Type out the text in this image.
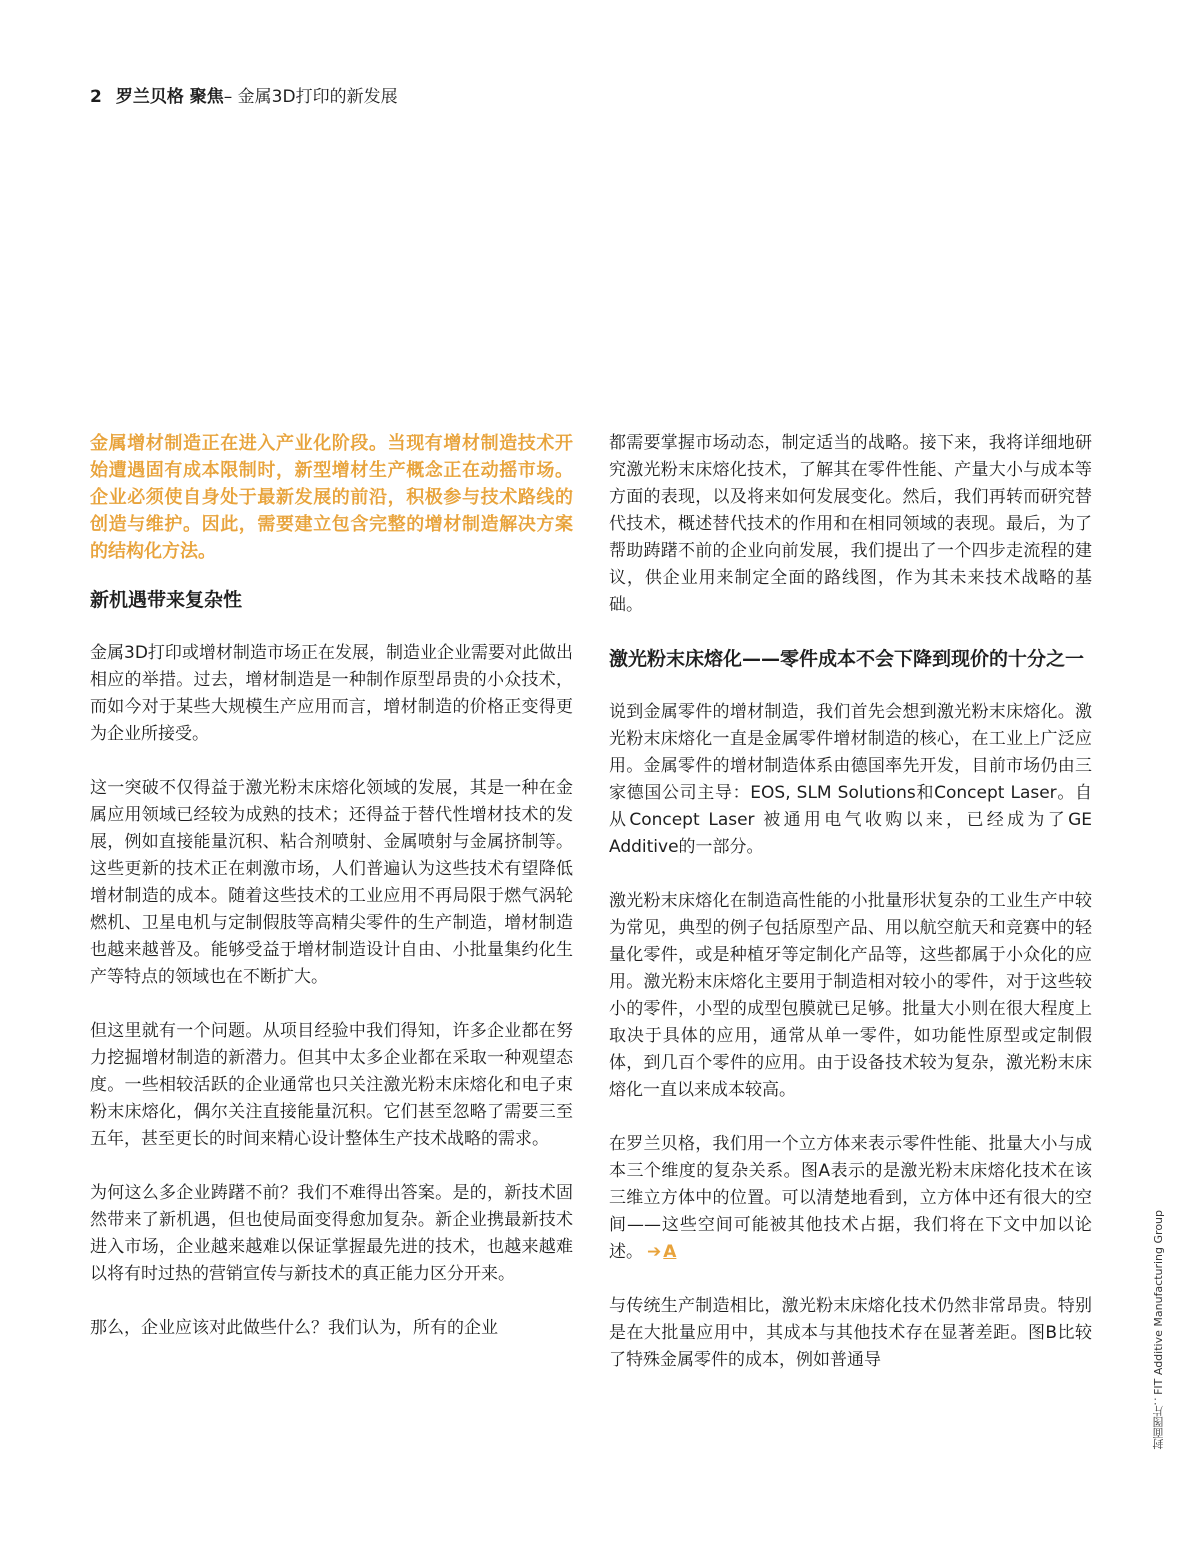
2 罗兰贝格 聚焦– 金属3D打印的新发展

金属增材制造正在进入产业化阶段。当现有增材制造技术开始遭遇固有成本限制时，新型增材生产概念正在动摇市场。企业必须使自身处于最新发展的前沿，积极参与技术路线的创造与维护。因此，需要建立包含完整的增材制造解决方案的结构化方法。

新机遇带来复杂性

金属3D打印或增材制造市场正在发展，制造业企业需要对此做出相应的举措。过去，增材制造是一种制作原型昂贵的小众技术，而如今对于某些大规模生产应用而言，增材制造的价格正变得更为企业所接受。

这一突破不仅得益于激光粉末床熔化领域的发展，其是一种在金属应用领域已经较为成熟的技术；还得益于替代性增材技术的发展，例如直接能量沉积、粘合剂喷射、金属喷射与金属挤制等。这些更新的技术正在刺激市场，人们普遍认为这些技术有望降低增材制造的成本。随着这些技术的工业应用不再局限于燃气涡轮燃机、卫星电机与定制假肢等高精尖零件的生产制造，增材制造也越来越普及。能够受益于增材制造设计自由、小批量集约化生产等特点的领域也在不断扩大。

但这里就有一个问题。从项目经验中我们得知，许多企业都在努力挖掘增材制造的新潜力。但其中太多企业都在采取一种观望态度。一些相较活跃的企业通常也只关注激光粉末床熔化和电子束粉末床熔化，偶尔关注直接能量沉积。它们甚至忽略了需要三至五年，甚至更长的时间来精心设计整体生产技术战略的需求。

为何这么多企业踌躇不前？我们不难得出答案。是的，新技术固然带来了新机遇，但也使局面变得愈加复杂。新企业携最新技术进入市场，企业越来越难以保证掌握最先进的技术，也越来越难以将有时过热的营销宣传与新技术的真正能力区分开来。

那么，企业应该对此做些什么？我们认为，所有的企业

都需要掌握市场动态，制定适当的战略。接下来，我将详细地研究激光粉末床熔化技术，了解其在零件性能、产量大小与成本等方面的表现，以及将来如何发展变化。然后，我们再转而研究替代技术，概述替代技术的作用和在相同领域的表现。最后，为了帮助踌躇不前的企业向前发展，我们提出了一个四步走流程的建议，供企业用来制定全面的路线图，作为其未来技术战略的基础。

激光粉末床熔化——零件成本不会下降到现价的十分之一

说到金属零件的增材制造，我们首先会想到激光粉末床熔化。激光粉末床熔化一直是金属零件增材制造的核心，在工业上广泛应用。金属零件的增材制造体系由德国率先开发，目前市场仍由三家德国公司主导：EOS, SLM Solutions和Concept Laser。自从Concept Laser 被通用电气收购以来，已经成为了GE Additive的一部分。

激光粉末床熔化在制造高性能的小批量形状复杂的工业生产中较为常见，典型的例子包括原型产品、用以航空航天和竞赛中的轻量化零件，或是种植牙等定制化产品等，这些都属于小众化的应用。激光粉末床熔化主要用于制造相对较小的零件，对于这些较小的零件，小型的成型包膜就已足够。批量大小则在很大程度上取决于具体的应用，通常从单一零件，如功能性原型或定制假体，到几百个零件的应用。由于设备技术较为复杂，激光粉末床熔化一直以来成本较高。

在罗兰贝格，我们用一个立方体来表示零件性能、批量大小与成本三个维度的复杂关系。图A表示的是激光粉末床熔化技术在该三维立方体中的位置。可以清楚地看到，立方体中还有很大的空间——这些空间可能被其他技术占据，我们将在下文中加以论述。 ➔ A

与传统生产制造相比，激光粉末床熔化技术仍然非常昂贵。特别是在大批量应用中，其成本与其他技术存在显著差距。图B比较了特殊金属零件的成本，例如普通导	封面图片：FIT Additive Manufacturing Group
